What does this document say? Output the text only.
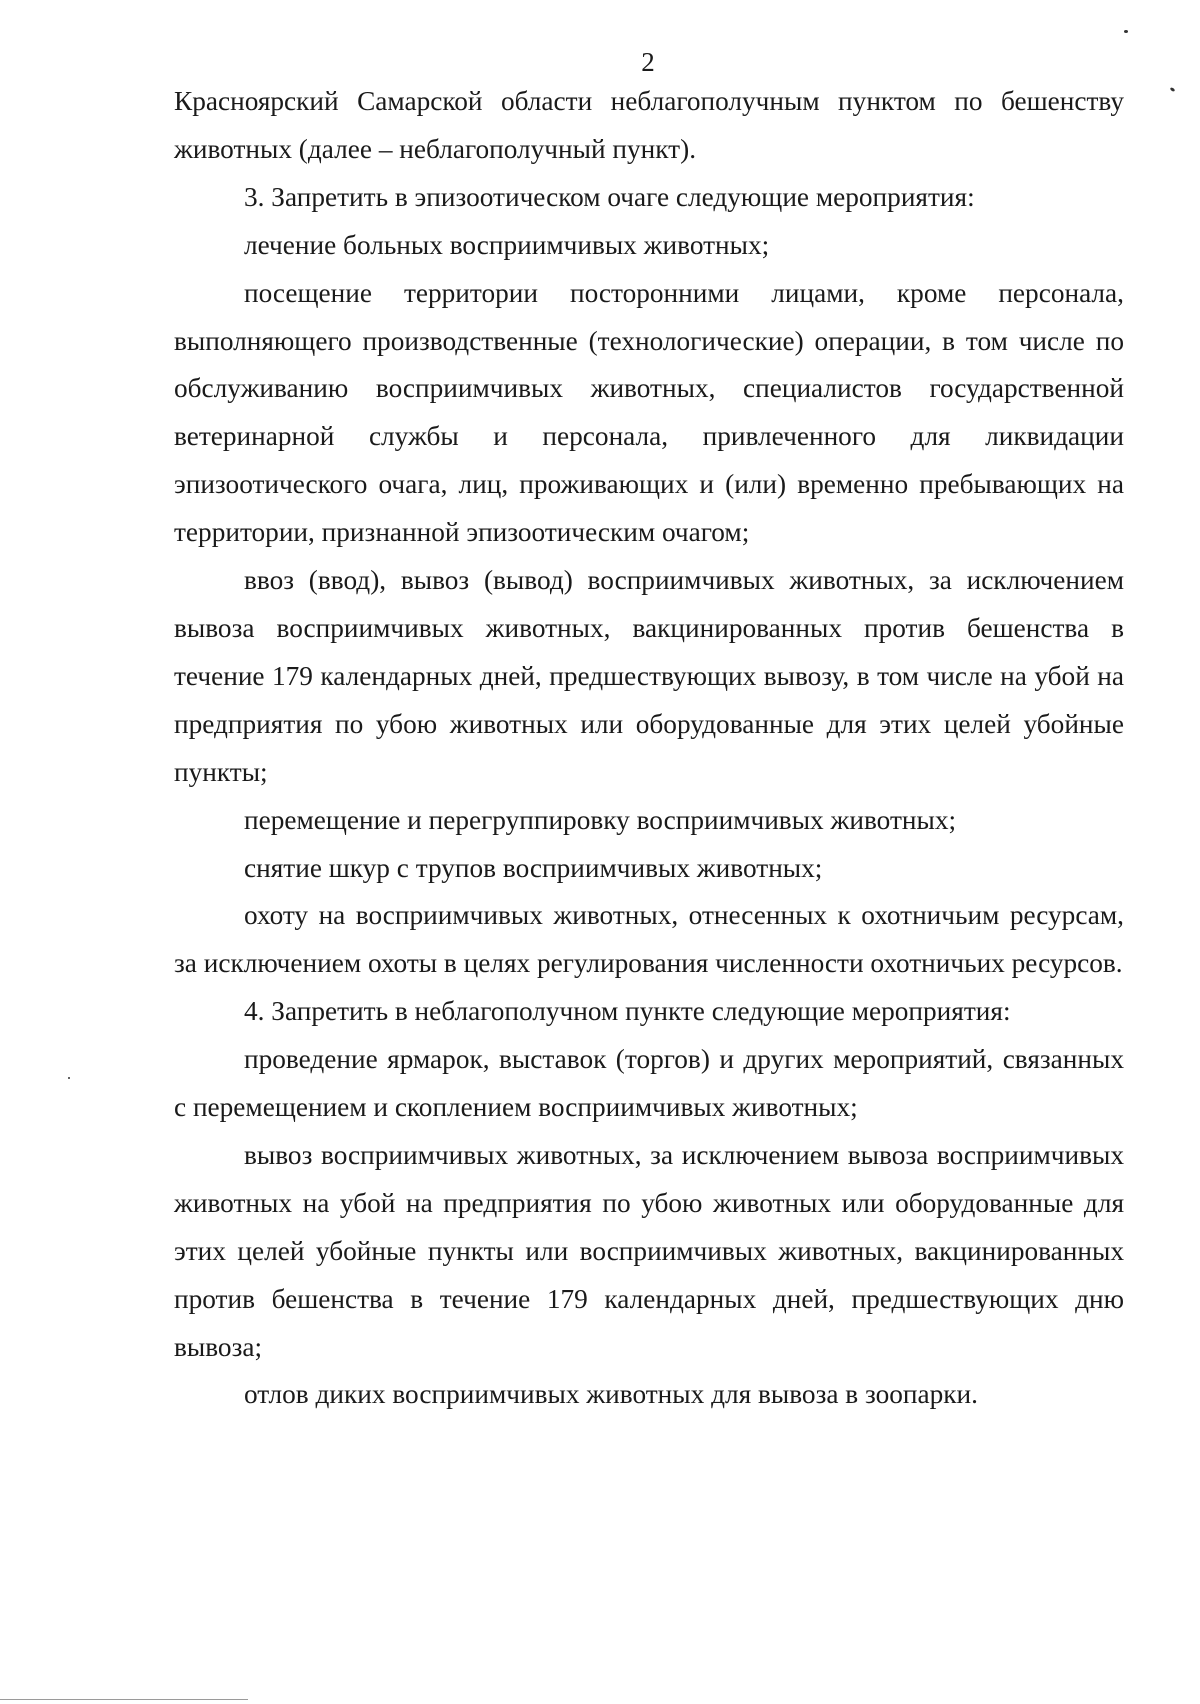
2

Красноярский Самарской области неблагополучным пунктом по бешенству животных (далее – неблагополучный пункт).

3. Запретить в эпизоотическом очаге следующие мероприятия:

лечение больных восприимчивых животных;

посещение территории посторонними лицами, кроме персонала, выполняющего производственные (технологические) операции, в том числе по обслуживанию восприимчивых животных, специалистов государственной ветеринарной службы и персонала, привлеченного для ликвидации эпизоотического очага, лиц, проживающих и (или) временно пребывающих на территории, признанной эпизоотическим очагом;

ввоз (ввод), вывоз (вывод) восприимчивых животных, за исключением вывоза восприимчивых животных, вакцинированных против бешенства в течение 179 календарных дней, предшествующих вывозу, в том числе на убой на предприятия по убою животных или оборудованные для этих целей убойные пункты;

перемещение и перегруппировку восприимчивых животных;

снятие шкур с трупов восприимчивых животных;

охоту на восприимчивых животных, отнесенных к охотничьим ресурсам, за исключением охоты в целях регулирования численности охотничьих ресурсов.

4. Запретить в неблагополучном пункте следующие мероприятия:

проведение ярмарок, выставок (торгов) и других мероприятий, связанных с перемещением и скоплением восприимчивых животных;

вывоз восприимчивых животных, за исключением вывоза восприимчивых животных на убой на предприятия по убою животных или оборудованные для этих целей убойные пункты или восприимчивых животных, вакцинированных против бешенства в течение 179 календарных дней, предшествующих дню вывоза;

отлов диких восприимчивых животных для вывоза в зоопарки.
